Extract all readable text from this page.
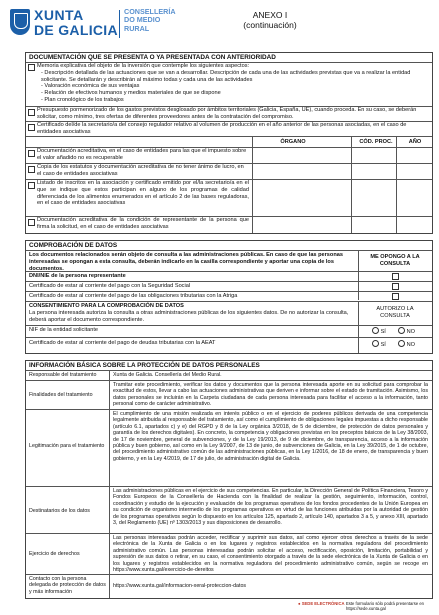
XUNTA
DE GALICIA
CONSELLERÍA
DO MEDIO
RURAL
ANEXO I
(continuación)
DOCUMENTACIÓN QUE SE PRESENTA O YA PRESENTADA CON ANTERIORIDAD
Memoria explicativa del objeto de la inversión que contemple los siguientes aspectos:
- Descripción detallada de las actuaciones que se van a desarrollar. Descripción de cada una de las actividades previstas que va a realizar la entidad solicitante. Se detallarán y describirán al máximo todas y cada una de las actividades
- Valoración económica de sus ventajas
- Relación de efectivos humanos y medios materiales de que se dispone
- Plan cronológico de los trabajos
Presupuesto pormenorizado de los gastos previstos desglosado por ámbitos territoriales (Galicia, España, UE), cuando proceda. En su caso, se deberán solicitar, como mínimo, tres ofertas de diferentes proveedores antes de la contratación del compromiso.
Certificado del/de la secretario/a del consejo regulador relativo al volumen de producción en el año anterior de las personas asociadas, en el caso de entidades asociativas
ÓRGANO	CÓD. PROC.	AÑO
Documentación acreditativa, en el caso de entidades para las que el impuesto sobre el valor añadido no es recuperable
Copia de los estatutos y documentación acreditativa de no tener ánimo de lucro, en el caso de entidades asociativas
Listado de inscritos en la asociación y certificado emitido por el/la secretario/a en el que se indique que estos participan en alguno de los programas de calidad diferenciada de los alimentos enumerados en el artículo 2 de las bases reguladoras, en el caso de entidades asociativas
Documentación acreditativa de la condición de representante de la persona que firma la solicitud, en el caso de entidades asociativas
COMPROBACIÓN DE DATOS
Los documentos relacionados serán objeto de consulta a las administraciones públicas. En caso de que las personas interesadas se opongan a esta consulta, deberán indicarlo en la casilla correspondiente y aportar una copia de los documentos.
ME OPONGO A LA CONSULTA
DNI/NIE de la persona representante
Certificado de estar al corriente del pago con la Seguridad Social
Certificado de estar al corriente del pago de las obligaciones tributarias con la Atriga
CONSENTIMIENTO PARA LA COMPROBACIÓN DE DATOS
La persona interesada autoriza la consulta a otras administraciones públicas de los siguientes datos. De no autorizar la consulta, deberá aportar el documento correspondiente.
AUTORIZO LA CONSULTA
NIF de la entidad solicitante	SÍ	NO
Certificado de estar al corriente del pago de deudas tributarias con la AEAT	SÍ	NO
INFORMACIÓN BÁSICA SOBRE LA PROTECCIÓN DE DATOS PERSONALES
Responsable del tratamiento	Xunta de Galicia. Consellería del Medio Rural.
Finalidades del tratamiento
Tramitar este procedimiento, verificar los datos y documentos que la persona interesada aporte en su solicitud para comprobar la exactitud de estos, llevar a cabo las actuaciones administrativas que deriven e informar sobre el estado de tramitación. Asimismo, los datos personales se incluirán en la Carpeta ciudadana de cada persona interesada para facilitar el acceso a la información, tanto personal como de carácter administrativo.
Legitimación para el tratamiento
El cumplimiento de una misión realizada en interés público o en el ejercicio de poderes públicos derivada de una competencia legalmente atribuida al responsable del tratamiento, así como el cumplimiento de obligaciones legales impuestas a dicho responsable (artículo 6.1, apartados c) y e) del RGPD y 8 de la Ley orgánica 3/2018, de 5 de diciembre, de protección de datos personales y garantía de los derechos digitales). En concreto, la competencia y obligaciones previstas en los preceptos básicos de la Ley 38/2003, de 17 de noviembre, general de subvenciones, y de la Ley 19/2013, de 9 de diciembre, de transparencia, acceso a la información pública y buen gobierno, así como en la Ley 9/2007, de 13 de junio, de subvenciones de Galicia, en la Ley 39/2015, de 1 de octubre, del procedimiento administrativo común de las administraciones públicas, en la Ley 1/2016, de 18 de enero, de transparencia y buen gobierno, y en la Ley 4/2019, de 17 de julio, de administración digital de Galicia.
Destinatarios de los datos
Las administraciones públicas en el ejercicio de sus competencias. En particular, la Dirección General de Política Financiera, Tesoro y Fondos Europeos de la Consellería de Hacienda con la finalidad de realizar la gestión, seguimiento, información, control, coordinación y estudio de la ejecución y evaluación de los programas operativos de los fondos procedentes de la Unión Europea en su condición de organismo intermedio de los programas operativos en virtud de las funciones atribuidas por la autoridad de gestión de los programas operativos según lo dispuesto en los artículos 125, apartado 2, artículo 140, apartados 3 a 5, y anexo XIII, apartado 3, del Reglamento (UE) nº 1303/2013 y sus disposiciones de desarrollo.
Ejercicio de derechos
Las personas interesadas podrán acceder, rectificar y suprimir sus datos, así como ejercer otros derechos a través de la sede electrónica de la Xunta de Galicia o en los lugares y registros establecidos en la normativa reguladora del procedimiento administrativo común. Las personas interesadas podrán solicitar el acceso, rectificación, oposición, limitación, portabilidad y supresión de sus datos o retirar, en su caso, el consentimiento otorgado a través de la sede electrónica de la Xunta de Galicia o en los lugares y registros establecidos en la normativa reguladora del procedimiento administrativo común, según se recoge en https://www.xunta.gal/exercicio-de-dereitos
Contacto con la persona delegada de protección de datos y más información
https://www.xunta.gal/informacion-xeral-proteccion-datos
● SEDE ELECTRÓNICA Este formulario sólo podrá presentarse en https://sede.xunta.gal
